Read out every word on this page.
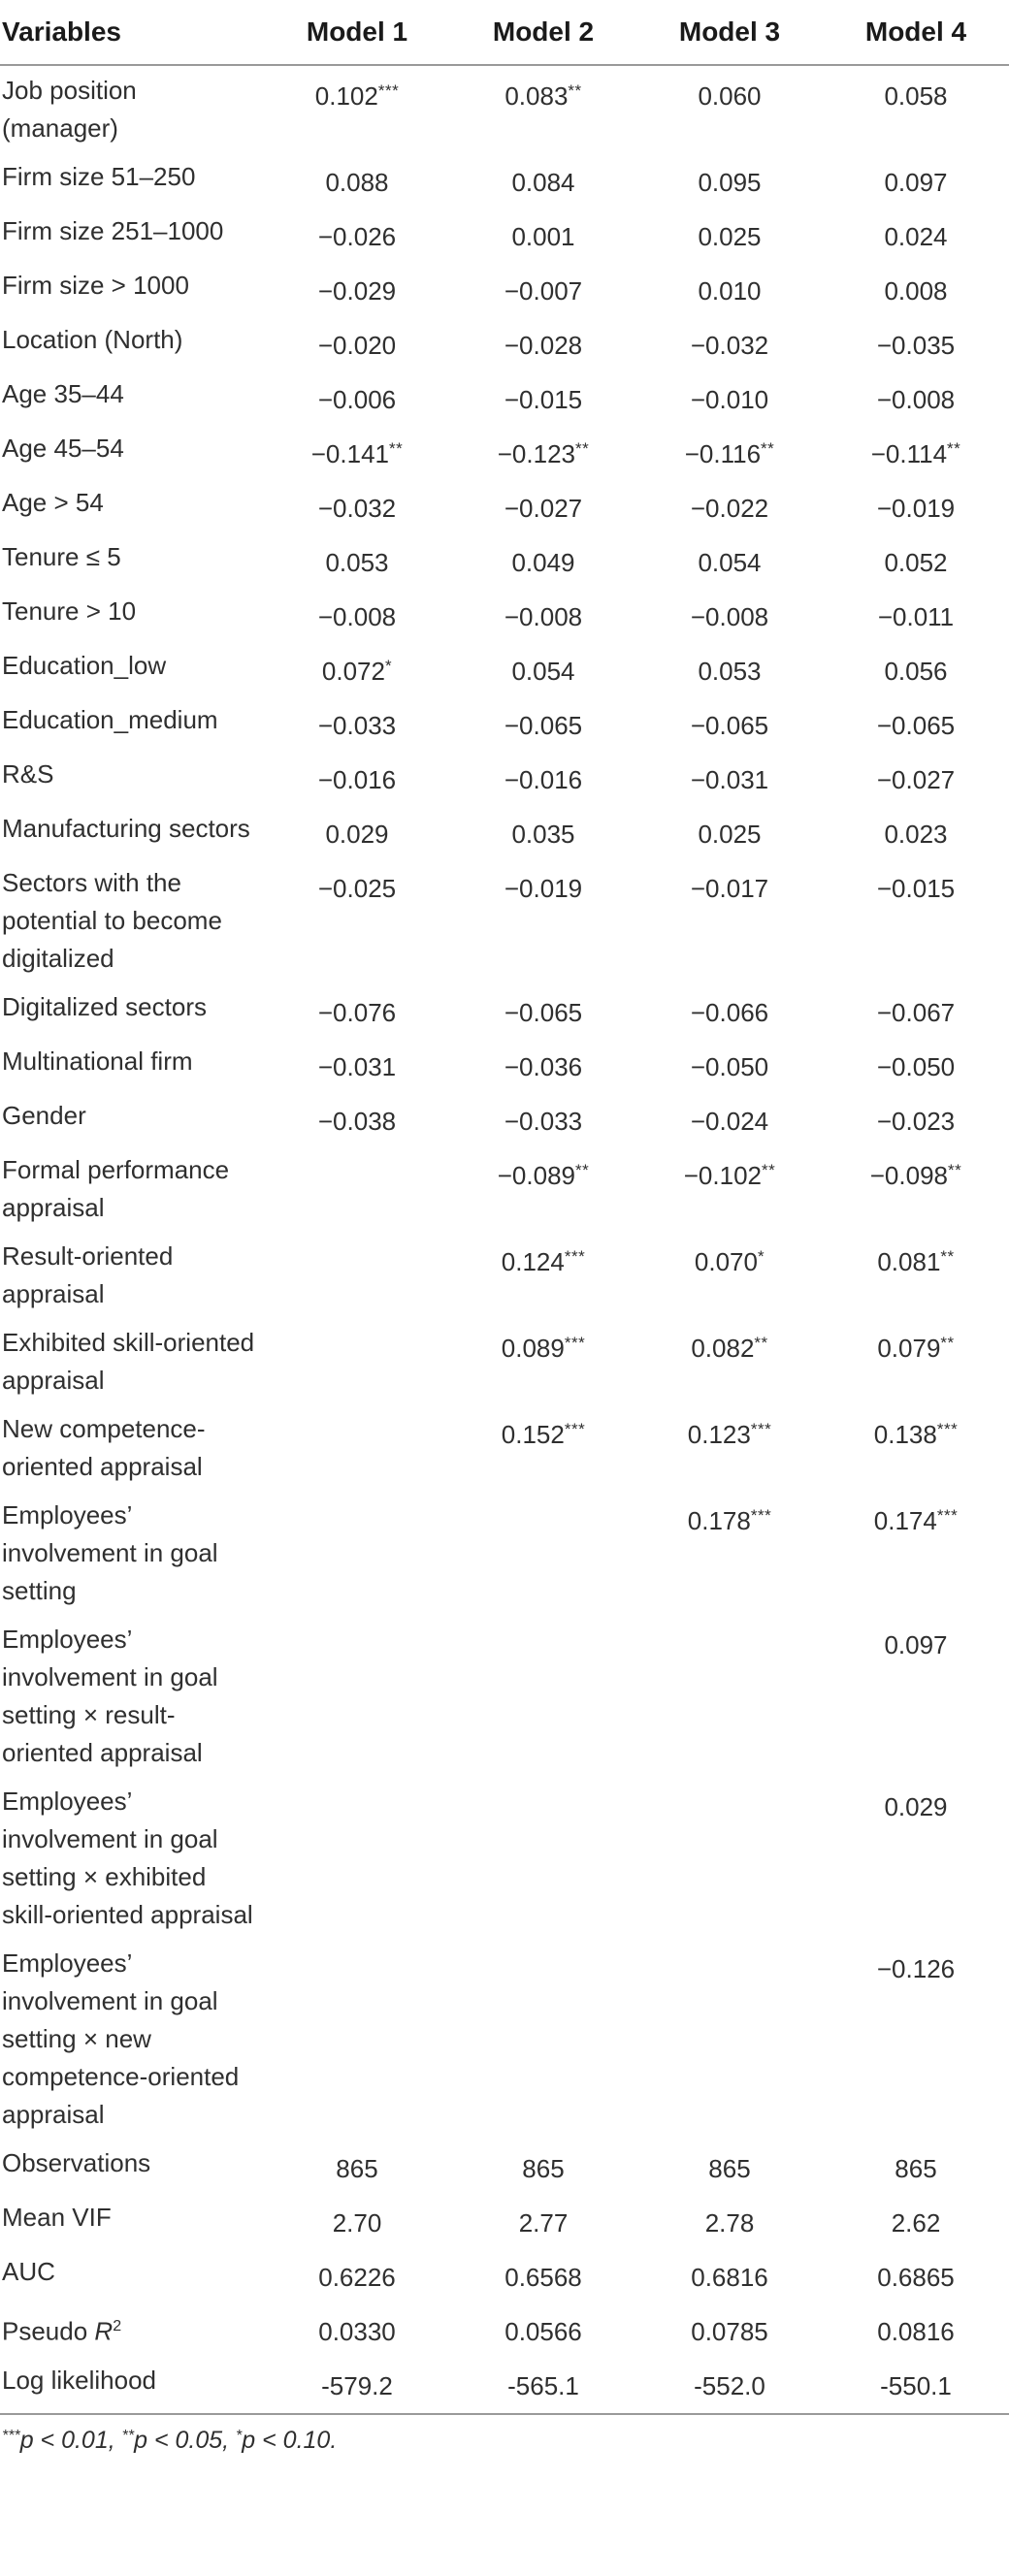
Variables	Model 1	Model 2	Model 3	Model 4
Job position (manager)	0.102***	0.083**	0.060	0.058
Firm size 51–250	0.088	0.084	0.095	0.097
Firm size 251–1000	−0.026	0.001	0.025	0.024
Firm size > 1000	−0.029	−0.007	0.010	0.008
Location (North)	−0.020	−0.028	−0.032	−0.035
Age 35–44	−0.006	−0.015	−0.010	−0.008
Age 45–54	−0.141**	−0.123**	−0.116**	−0.114**
Age > 54	−0.032	−0.027	−0.022	−0.019
Tenure ≤ 5	0.053	0.049	0.054	0.052
Tenure > 10	−0.008	−0.008	−0.008	−0.011
Education_low	0.072*	0.054	0.053	0.056
Education_medium	−0.033	−0.065	−0.065	−0.065
R&S	−0.016	−0.016	−0.031	−0.027
Manufacturing sectors	0.029	0.035	0.025	0.023
Sectors with the potential to become digitalized	−0.025	−0.019	−0.017	−0.015
Digitalized sectors	−0.076	−0.065	−0.066	−0.067
Multinational firm	−0.031	−0.036	−0.050	−0.050
Gender	−0.038	−0.033	−0.024	−0.023
Formal performance appraisal		−0.089**	−0.102**	−0.098**
Result-oriented appraisal		0.124***	0.070*	0.081**
Exhibited skill-oriented appraisal		0.089***	0.082**	0.079**
New competence-oriented appraisal		0.152***	0.123***	0.138***
Employees’ involvement in goal setting			0.178***	0.174***
Employees’ involvement in goal setting × result-oriented appraisal				0.097
Employees’ involvement in goal setting × exhibited skill-oriented appraisal				0.029
Employees’ involvement in goal setting × new competence-oriented appraisal				−0.126
Observations	865	865	865	865
Mean VIF	2.70	2.77	2.78	2.62
AUC	0.6226	0.6568	0.6816	0.6865
Pseudo $R^2$	0.0330	0.0566	0.0785	0.0816
Log likelihood	-579.2	-565.1	-552.0	-550.1
***p < 0.01, **p < 0.05, *p < 0.10.
